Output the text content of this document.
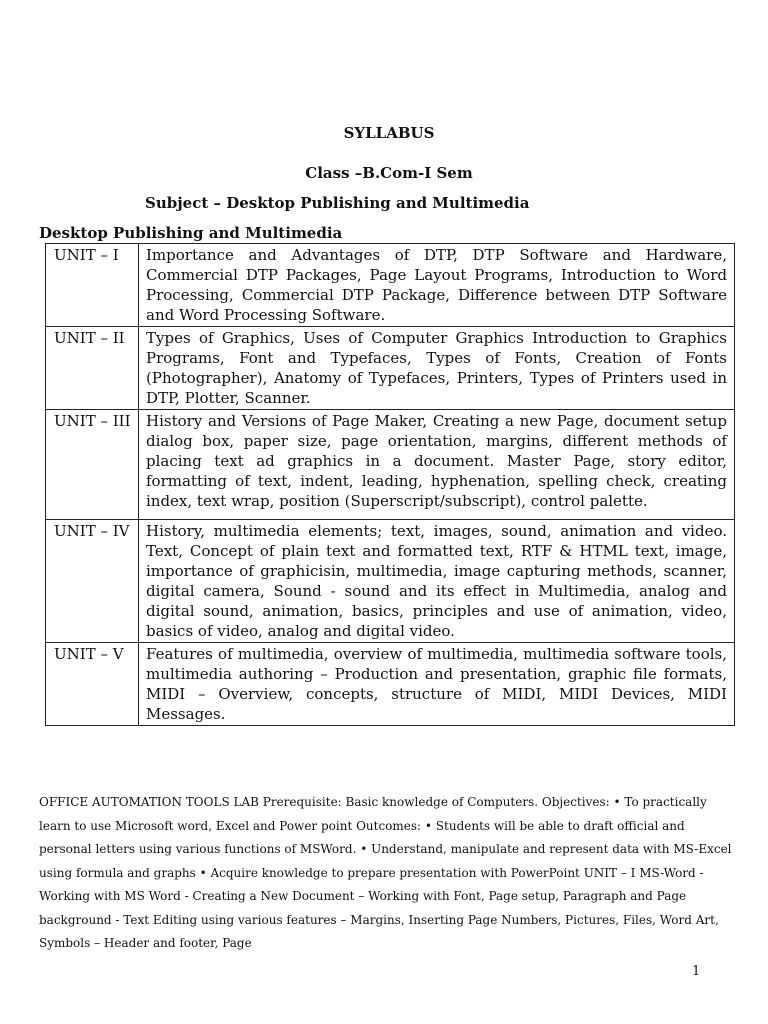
SYLLABUS
Class –B.Com-I Sem
Subject – Desktop Publishing and Multimedia
Desktop Publishing and Multimedia
UNIT – I	Importance and Advantages of DTP, DTP Software and Hardware, Commercial DTP Packages, Page Layout Programs, Introduction to Word Processing, Commercial DTP Package, Difference between DTP Software and Word Processing Software.
UNIT – II	Types of Graphics, Uses of Computer Graphics Introduction to Graphics Programs, Font and Typefaces, Types of Fonts, Creation of Fonts (Photographer), Anatomy of Typefaces, Printers, Types of Printers used in DTP, Plotter, Scanner.
UNIT – III	History and Versions of Page Maker, Creating a new Page, document setup dialog box, paper size, page orientation, margins, different methods of placing text ad graphics in a document. Master Page, story editor, formatting of text, indent, leading, hyphenation, spelling check, creating index, text wrap, position (Superscript/subscript), control palette.
UNIT – IV	History, multimedia elements; text, images, sound, animation and video. Text, Concept of plain text and formatted text, RTF & HTML text, image, importance of graphicisin, multimedia, image capturing methods, scanner, digital camera, Sound - sound and its effect in Multimedia, analog and digital sound, animation, basics, principles and use of animation, video, basics of video, analog and digital video.
UNIT – V	Features of multimedia, overview of multimedia, multimedia software tools, multimedia authoring – Production and presentation, graphic file formats, MIDI – Overview, concepts, structure of MIDI, MIDI Devices, MIDI Messages.
OFFICE AUTOMATION TOOLS LAB Prerequisite: Basic knowledge of Computers. Objectives: • To practically learn to use Microsoft word, Excel and Power point Outcomes: • Students will be able to draft official and personal letters using various functions of MSWord. • Understand, manipulate and represent data with MS-Excel using formula and graphs • Acquire knowledge to prepare presentation with PowerPoint UNIT – I MS-Word - Working with MS Word - Creating a New Document – Working with Font, Page setup, Paragraph and Page background - Text Editing using various features – Margins, Inserting Page Numbers, Pictures, Files, Word Art, Symbols – Header and footer, Page
1
